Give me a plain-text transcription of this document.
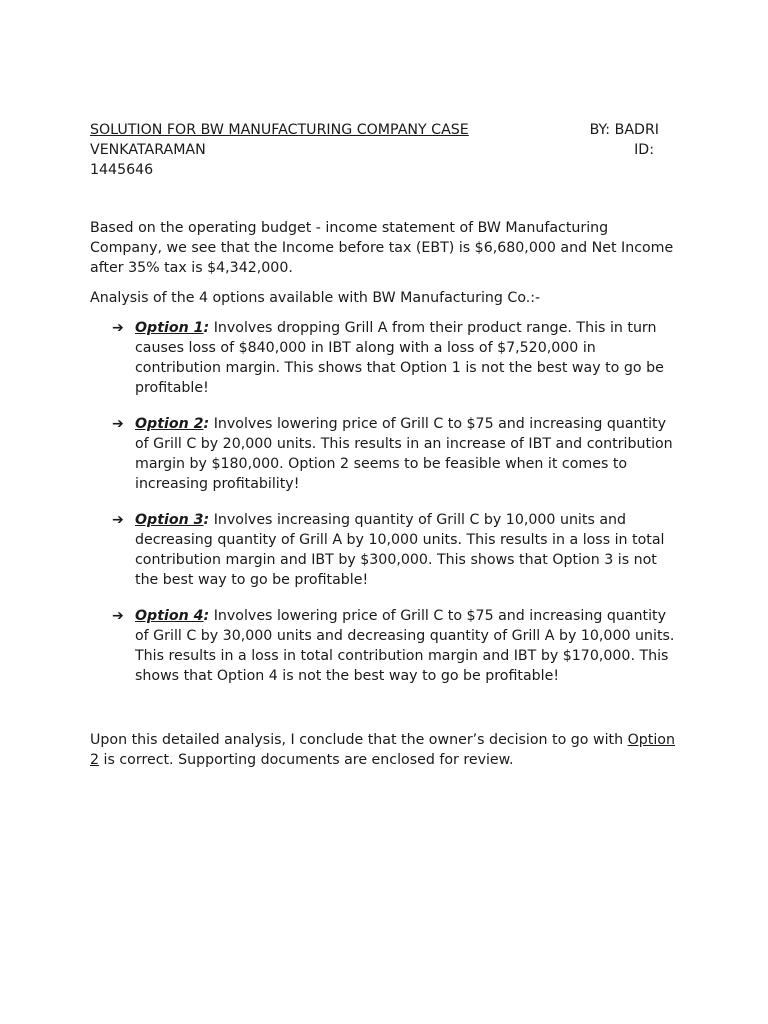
SOLUTION FOR BW MANUFACTURING COMPANY CASE	BY: BADRI
VENKATARAMAN	ID:
1445646

Based on the operating budget - income statement of BW Manufacturing Company, we see that the Income before tax (EBT) is $6,680,000 and Net Income after 35% tax is $4,342,000.

Analysis of the 4 options available with BW Manufacturing Co.:-

➔ Option 1: Involves dropping Grill A from their product range. This in turn causes loss of $840,000 in IBT along with a loss of $7,520,000 in contribution margin. This shows that Option 1 is not the best way to go be profitable!
➔ Option 2: Involves lowering price of Grill C to $75 and increasing quantity of Grill C by 20,000 units. This results in an increase of IBT and contribution margin by $180,000. Option 2 seems to be feasible when it comes to increasing profitability!
➔ Option 3: Involves increasing quantity of Grill C by 10,000 units and decreasing quantity of Grill A by 10,000 units. This results in a loss in total contribution margin and IBT by $300,000. This shows that Option 3 is not the best way to go be profitable!
➔ Option 4: Involves lowering price of Grill C to $75 and increasing quantity of Grill C by 30,000 units and decreasing quantity of Grill A by 10,000 units. This results in a loss in total contribution margin and IBT by $170,000. This shows that Option 4 is not the best way to go be profitable!

Upon this detailed analysis, I conclude that the owner’s decision to go with Option 2 is correct. Supporting documents are enclosed for review.
